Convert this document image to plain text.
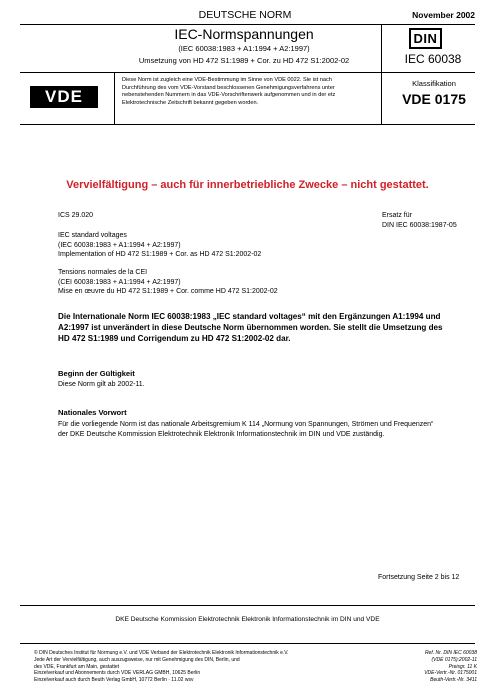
DEUTSCHE NORM	November 2002
IEC-Normspannungen
(IEC 60038:1983 + A1:1994 + A2:1997)
Umsetzung von HD 472 S1:1989 + Cor. zu HD 472 S1:2002-02
DIN
IEC 60038
VDE
Diese Norm ist zugleich eine VDE-Bestimmung im Sinne von VDE 0022. Sie ist nach
Durchführung des vom VDE-Vorstand beschlossenen Genehmigungsverfahrens unter
nebenstehenden Nummern in das VDE-Vorschriftenwerk aufgenommen und in der etz
Elektrotechnische Zeitschrift bekannt gegeben worden.
Klassifikation
VDE 0175
Vervielfältigung – auch für innerbetriebliche Zwecke – nicht gestattet.
ICS 29.020	Ersatz für
DIN IEC 60038:1987-05
IEC standard voltages
(IEC 60038:1983 + A1:1994 + A2:1997)
Implementation of HD 472 S1:1989 + Cor. as HD 472 S1:2002-02
Tensions normales de la CEI
(CEI 60038:1983 + A1:1994 + A2:1997)
Mise en œuvre du HD 472 S1:1989 + Cor. comme HD 472 S1:2002-02
Die Internationale Norm IEC 60038:1983 „IEC standard voltages“ mit den Ergänzungen A1:1994 und
A2:1997 ist unverändert in diese Deutsche Norm übernommen worden. Sie stellt die Umsetzung des
HD 472 S1:1989 und Corrigendum zu HD 472 S1:2002-02 dar.
Beginn der Gültigkeit
Diese Norm gilt ab 2002-11.
Nationales Vorwort
Für die vorliegende Norm ist das nationale Arbeitsgremium K 114 „Normung von Spannungen, Strömen und Frequenzen“
der DKE Deutsche Kommission Elektrotechnik Elektronik Informationstechnik im DIN und VDE zuständig.
Fortsetzung Seite 2 bis 12
DKE Deutsche Kommission Elektrotechnik Elektronik Informationstechnik im DIN und VDE
© DIN Deutsches Institut für Normung e.V. und VDE Verband der Elektrotechnik Elektronik Informationstechnik e.V.
Jede Art der Vervielfältigung, auch auszugsweise, nur mit Genehmigung des DIN, Berlin, und
des VDE, Frankfurt am Main, gestattet
Einzelverkauf und Abonnements durch VDE VERLAG GMBH, 10625 Berlin
Einzelverkauf auch durch Beuth Verlag GmbH, 10772 Berlin · 11.02 wsv
Ref. Nr. DIN IEC 60038
(VDE 0175):2002-11
Preisgr. 11 K
VDE-Vertr.-Nr. 0175001
Beuth-Vertr.-Nr. 3411
